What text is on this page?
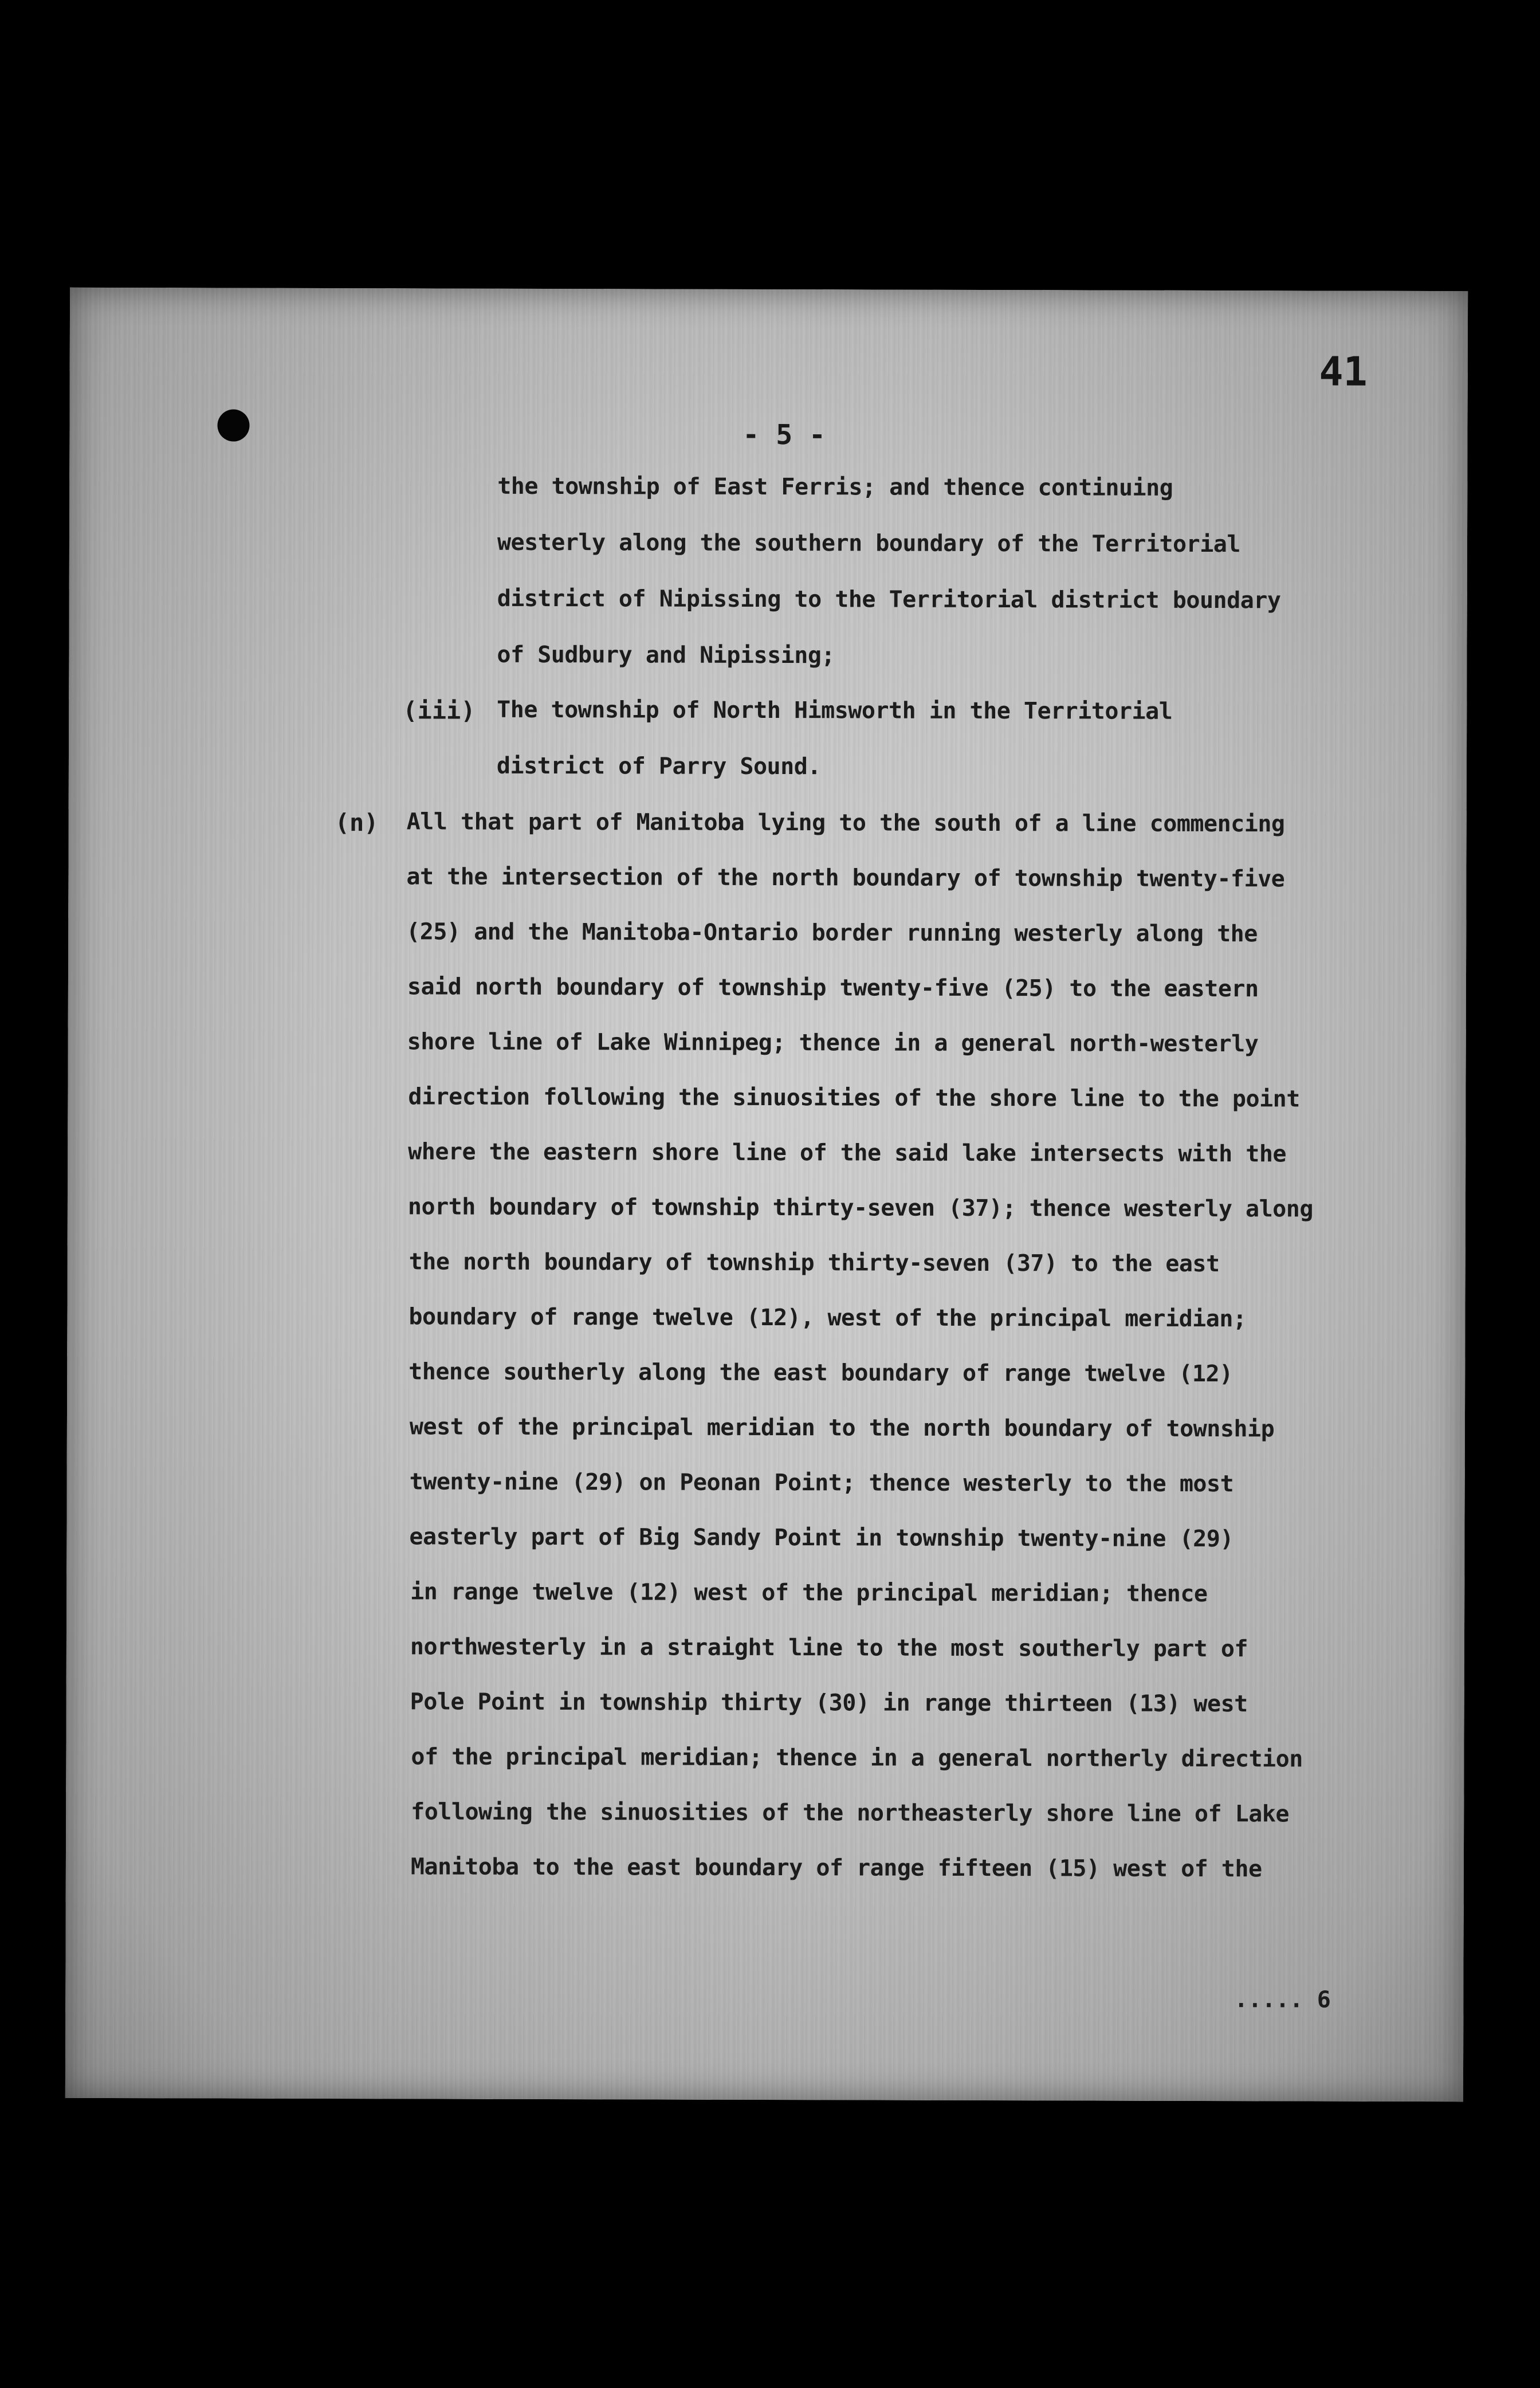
41
- 5 -
the township of East Ferris; and thence continuing
westerly along the southern boundary of the Territorial
district of Nipissing to the Territorial district boundary
of Sudbury and Nipissing;
(iii) The township of North Himsworth in the Territorial
district of Parry Sound.
(n) All that part of Manitoba lying to the south of a line commencing
at the intersection of the north boundary of township twenty-five
(25) and the Manitoba-Ontario border running westerly along the
said north boundary of township twenty-five (25) to the eastern
shore line of Lake Winnipeg; thence in a general north-westerly
direction following the sinuosities of the shore line to the point
where the eastern shore line of the said lake intersects with the
north boundary of township thirty-seven (37); thence westerly along
the north boundary of township thirty-seven (37) to the east
boundary of range twelve (12), west of the principal meridian;
thence southerly along the east boundary of range twelve (12)
west of the principal meridian to the north boundary of township
twenty-nine (29) on Peonan Point; thence westerly to the most
easterly part of Big Sandy Point in township twenty-nine (29)
in range twelve (12) west of the principal meridian; thence
northwesterly in a straight line to the most southerly part of
Pole Point in township thirty (30) in range thirteen (13) west
of the principal meridian; thence in a general northerly direction
following the sinuosities of the northeasterly shore line of Lake
Manitoba to the east boundary of range fifteen (15) west of the
..... 6
